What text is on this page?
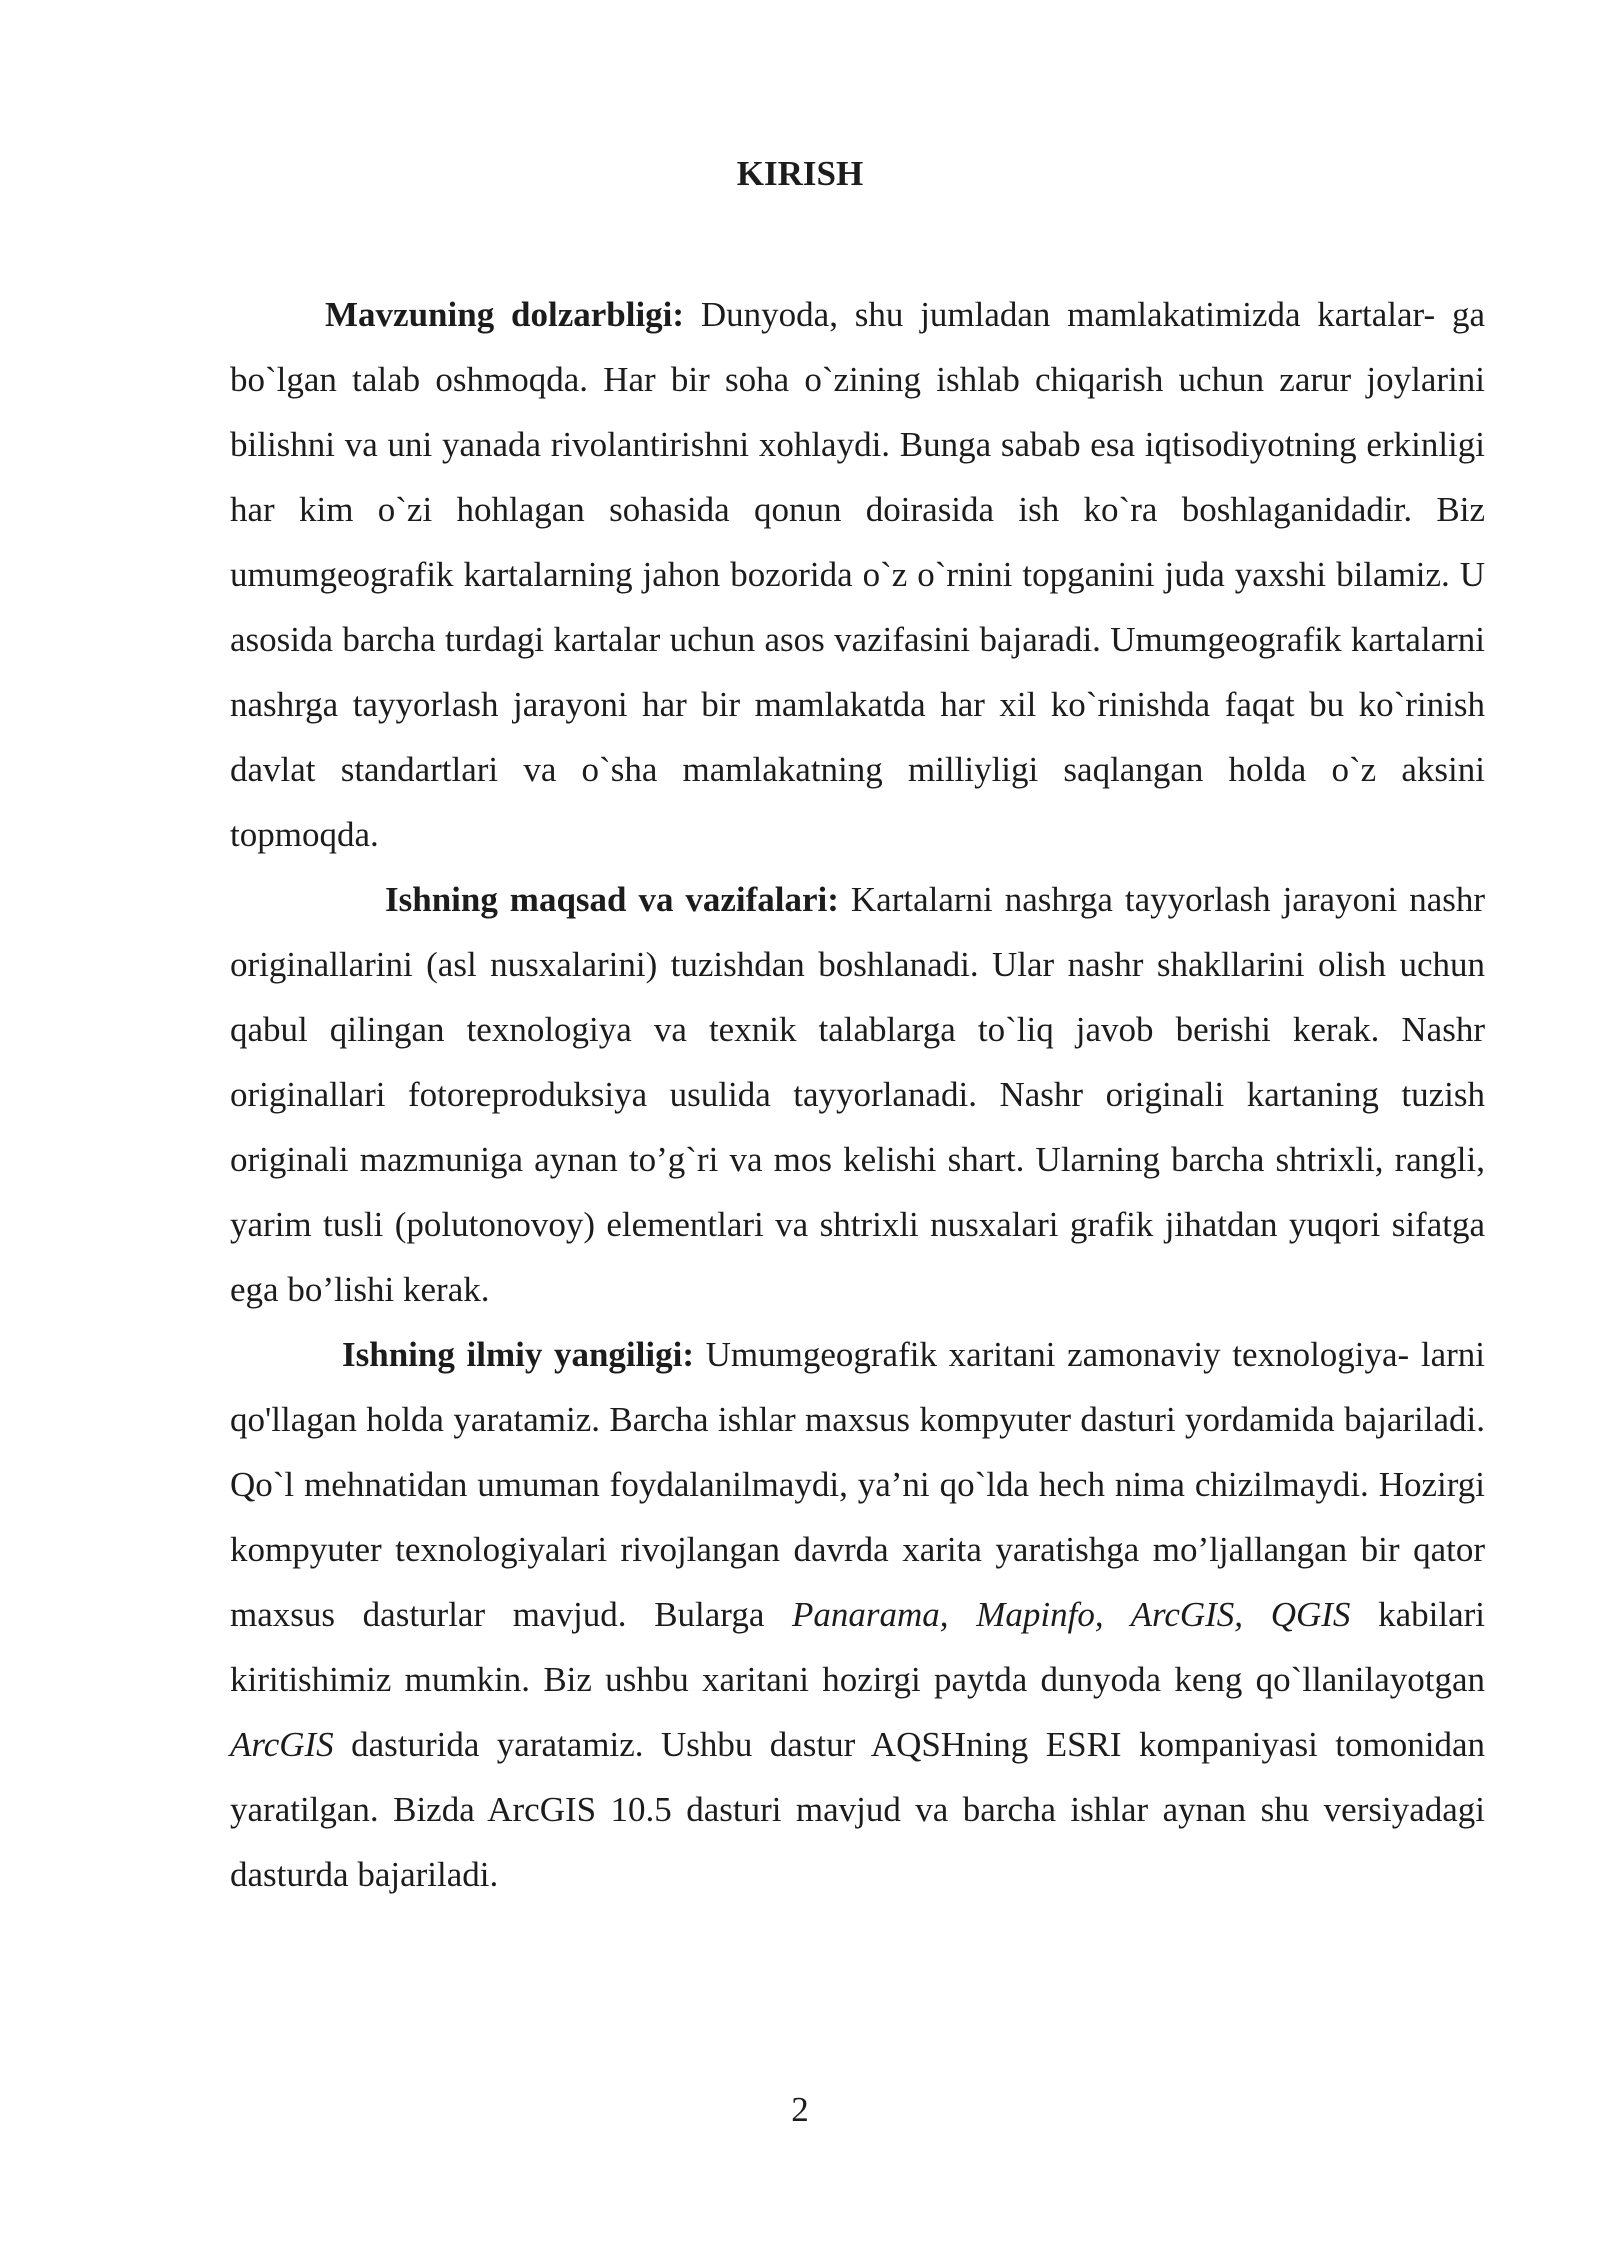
KIRISH

Mavzuning dolzarbligi: Dunyoda, shu jumladan mamlakatimizda kartalar- ga bo`lgan talab oshmoqda. Har bir soha o`zining ishlab chiqarish uchun zarur joylarini bilishni va uni yanada rivolantirishni xohlaydi. Bunga sabab esa iqtisodiyotning erkinligi har kim o`zi hohlagan sohasida qonun doirasida ish ko`ra boshlaganidadir. Biz umumgeografik kartalarning jahon bozorida o`z o`rnini topganini juda yaxshi bilamiz. U asosida barcha turdagi kartalar uchun asos vazifasini bajaradi. Umumgeografik kartalarni nashrga tayyorlash jarayoni har bir mamlakatda har xil ko`rinishda faqat bu ko`rinish davlat standartlari va o`sha mamlakatning milliyligi saqlangan holda o`z aksini topmoqda.

Ishning maqsad va vazifalari: Kartalarni nashrga tayyorlash jarayoni nashr originallarini (asl nusxalarini) tuzishdan boshlanadi. Ular nashr shakllarini olish uchun qabul qilingan texnologiya va texnik talablarga to`liq javob berishi kerak. Nashr originallari fotoreproduksiya usulida tayyorlanadi. Nashr originali kartaning tuzish originali mazmuniga aynan to’g`ri va mos kelishi shart. Ularning barcha shtrixli, rangli, yarim tusli (polutonovoy) elementlari va shtrixli nusxalari grafik jihatdan yuqori sifatga ega bo’lishi kerak.

Ishning ilmiy yangiligi: Umumgeografik xaritani zamonaviy texnologiya- larni qo'llagan holda yaratamiz. Barcha ishlar maxsus kompyuter dasturi yordamida bajariladi. Qo`l mehnatidan umuman foydalanilmaydi, ya’ni qo`lda hech nima chizilmaydi. Hozirgi kompyuter texnologiyalari rivojlangan davrda xarita yaratishga mo’ljallangan bir qator maxsus dasturlar mavjud. Bularga Panarama, Mapinfo, ArcGIS, QGIS kabilari kiritishimiz mumkin. Biz ushbu xaritani hozirgi paytda dunyoda keng qo`llanilayotgan ArcGIS dasturida yaratamiz. Ushbu dastur AQSHning ESRI kompaniyasi tomonidan yaratilgan. Bizda ArcGIS 10.5 dasturi mavjud va barcha ishlar aynan shu versiyadagi dasturda bajariladi.

2
